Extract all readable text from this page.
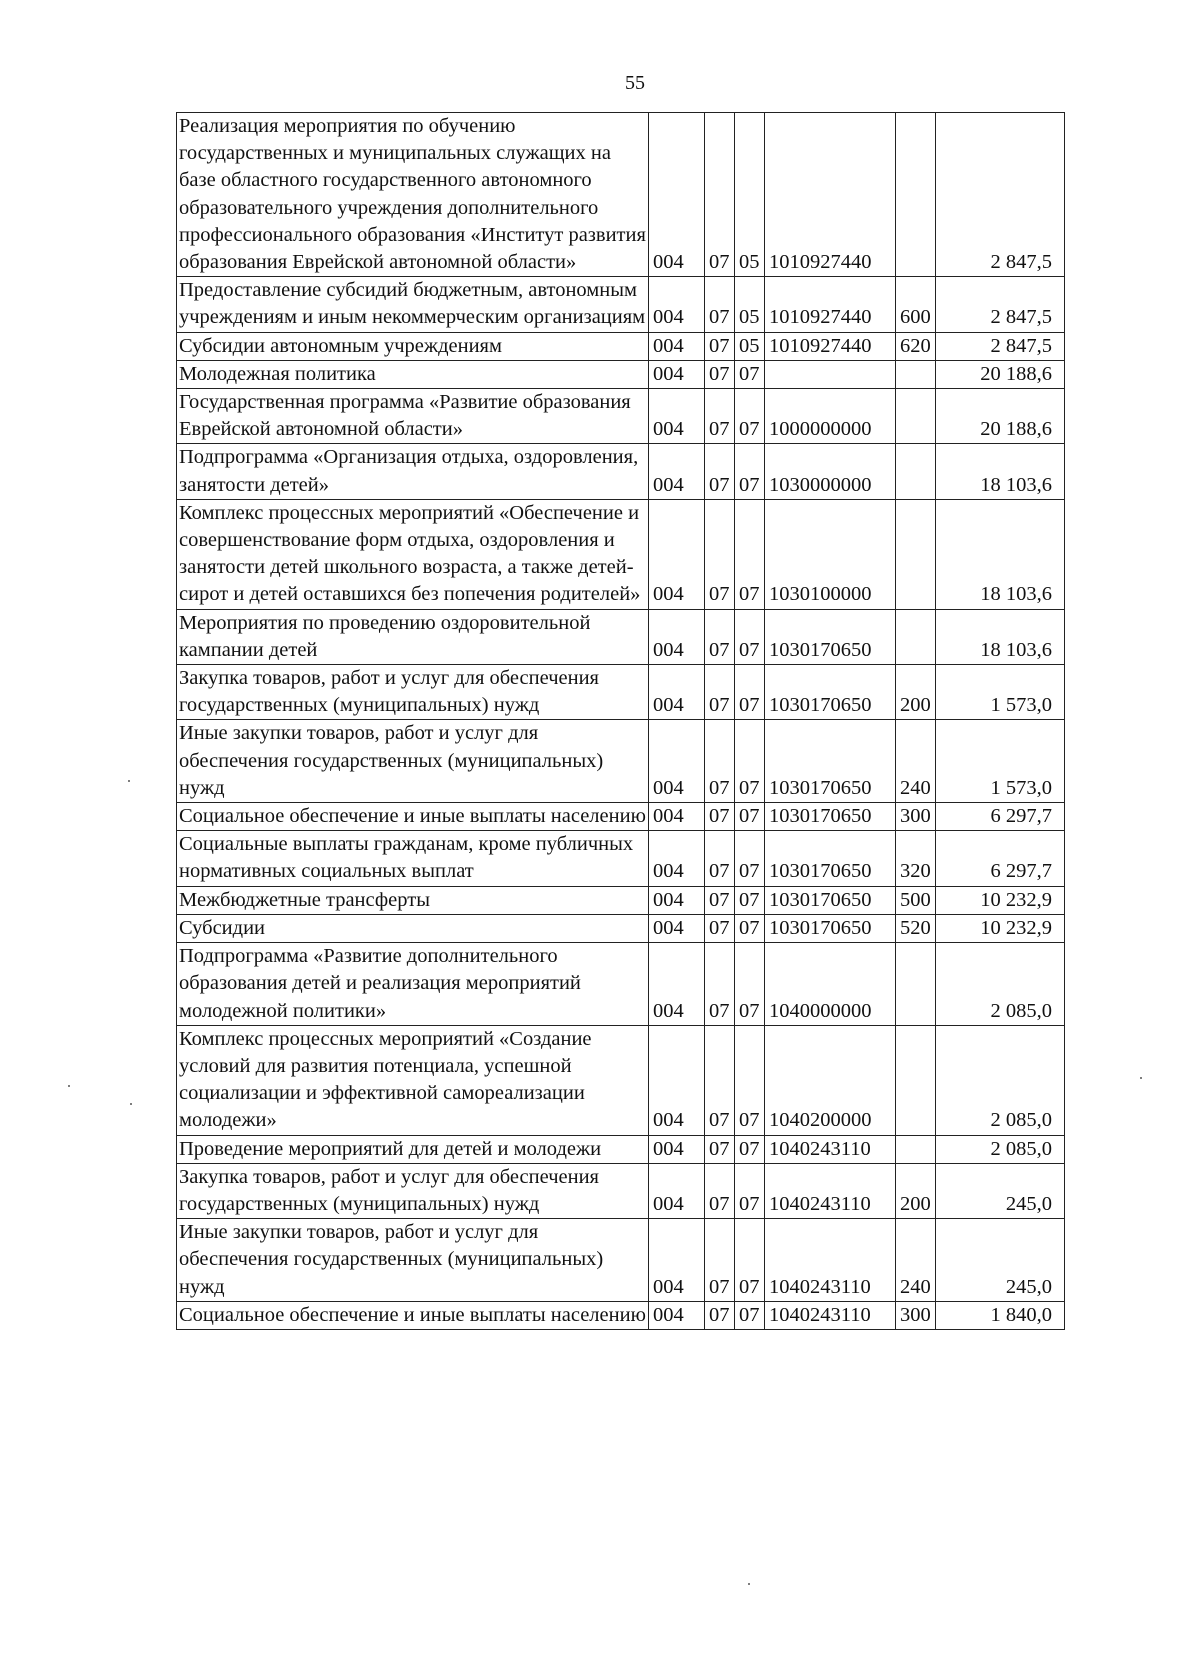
55
Реализация мероприятия по обучению государственных и муниципальных служащих на базе областного государственного автономного образовательного учреждения дополнительного профессионального образования «Институт развития образования Еврейской автономной области»	004	07	05	1010927440		2 847,5
Предоставление субсидий бюджетным, автономным учреждениям и иным некоммерческим организациям	004	07	05	1010927440	600	2 847,5
Субсидии автономным учреждениям	004	07	05	1010927440	620	2 847,5
Молодежная политика	004	07	07			20 188,6
Государственная программа «Развитие образования Еврейской автономной области»	004	07	07	1000000000		20 188,6
Подпрограмма «Организация отдыха, оздоровления, занятости детей»	004	07	07	1030000000		18 103,6
Комплекс процессных мероприятий «Обеспечение и совершенствование форм отдыха, оздоровления и занятости детей школьного возраста, а также детей-сирот и детей оставшихся без попечения родителей»	004	07	07	1030100000		18 103,6
Мероприятия по проведению оздоровительной кампании детей	004	07	07	1030170650		18 103,6
Закупка товаров, работ и услуг для обеспечения государственных (муниципальных) нужд	004	07	07	1030170650	200	1 573,0
Иные закупки товаров, работ и услуг для обеспечения государственных (муниципальных) нужд	004	07	07	1030170650	240	1 573,0
Социальное обеспечение и иные выплаты населению	004	07	07	1030170650	300	6 297,7
Социальные выплаты гражданам, кроме публичных нормативных социальных выплат	004	07	07	1030170650	320	6 297,7
Межбюджетные трансферты	004	07	07	1030170650	500	10 232,9
Субсидии	004	07	07	1030170650	520	10 232,9
Подпрограмма «Развитие дополнительного образования детей и реализация мероприятий молодежной политики»	004	07	07	1040000000		2 085,0
Комплекс процессных мероприятий «Создание условий для развития потенциала, успешной социализации и эффективной самореализации молодежи»	004	07	07	1040200000		2 085,0
Проведение мероприятий для детей и молодежи	004	07	07	1040243110		2 085,0
Закупка товаров, работ и услуг для обеспечения государственных (муниципальных) нужд	004	07	07	1040243110	200	245,0
Иные закупки товаров, работ и услуг для обеспечения государственных (муниципальных) нужд	004	07	07	1040243110	240	245,0
Социальное обеспечение и иные выплаты населению	004	07	07	1040243110	300	1 840,0
